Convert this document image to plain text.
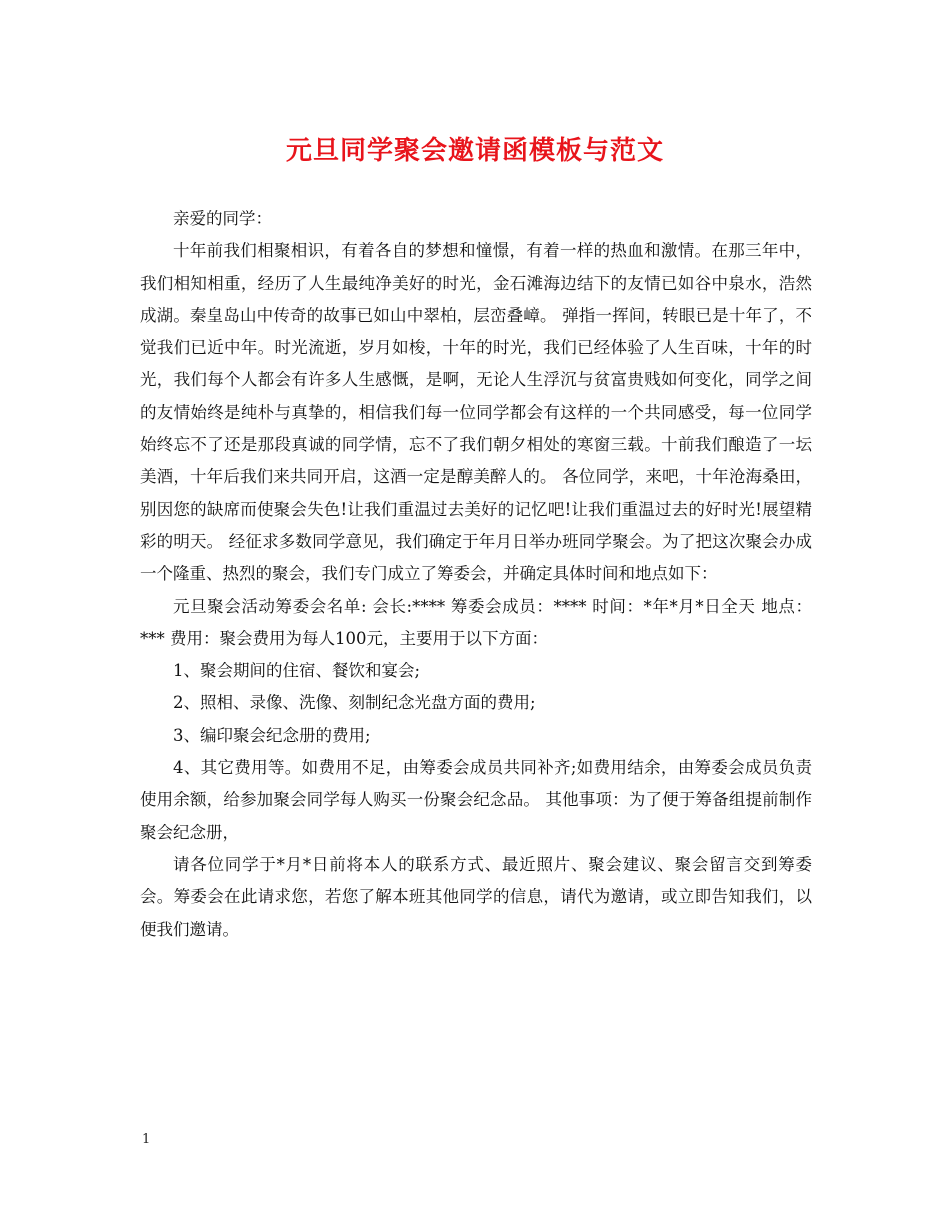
元旦同学聚会邀请函模板与范文

亲爱的同学：

十年前我们相聚相识，有着各自的梦想和憧憬，有着一样的热血和激情。在那三年中，我们相知相重，经历了人生最纯净美好的时光，金石滩海边结下的友情已如谷中泉水，浩然成湖。秦皇岛山中传奇的故事已如山中翠柏，层峦叠嶂。 弹指一挥间，转眼已是十年了，不觉我们已近中年。时光流逝，岁月如梭，十年的时光，我们已经体验了人生百味，十年的时光，我们每个人都会有许多人生感慨，是啊，无论人生浮沉与贫富贵贱如何变化，同学之间的友情始终是纯朴与真挚的，相信我们每一位同学都会有这样的一个共同感受，每一位同学始终忘不了还是那段真诚的同学情，忘不了我们朝夕相处的寒窗三载。十前我们酿造了一坛美酒，十年后我们来共同开启，这酒一定是醇美醉人的。 各位同学，来吧，十年沧海桑田，别因您的缺席而使聚会失色!让我们重温过去美好的记忆吧!让我们重温过去的好时光!展望精彩的明天。 经征求多数同学意见，我们确定于年月日举办班同学聚会。为了把这次聚会办成一个隆重、热烈的聚会，我们专门成立了筹委会，并确定具体时间和地点如下：

元旦聚会活动筹委会名单: 会长:**** 筹委会成员：**** 时间：*年*月*日全天 地点：*** 费用：聚会费用为每人100元，主要用于以下方面：

1、聚会期间的住宿、餐饮和宴会;

2、照相、录像、洗像、刻制纪念光盘方面的费用;

3、编印聚会纪念册的费用;

4、其它费用等。如费用不足，由筹委会成员共同补齐;如费用结余，由筹委会成员负责使用余额，给参加聚会同学每人购买一份聚会纪念品。 其他事项：为了便于筹备组提前制作聚会纪念册，

请各位同学于*月*日前将本人的联系方式、最近照片、聚会建议、聚会留言交到筹委会。筹委会在此请求您，若您了解本班其他同学的信息，请代为邀请，或立即告知我们，以便我们邀请。

1
